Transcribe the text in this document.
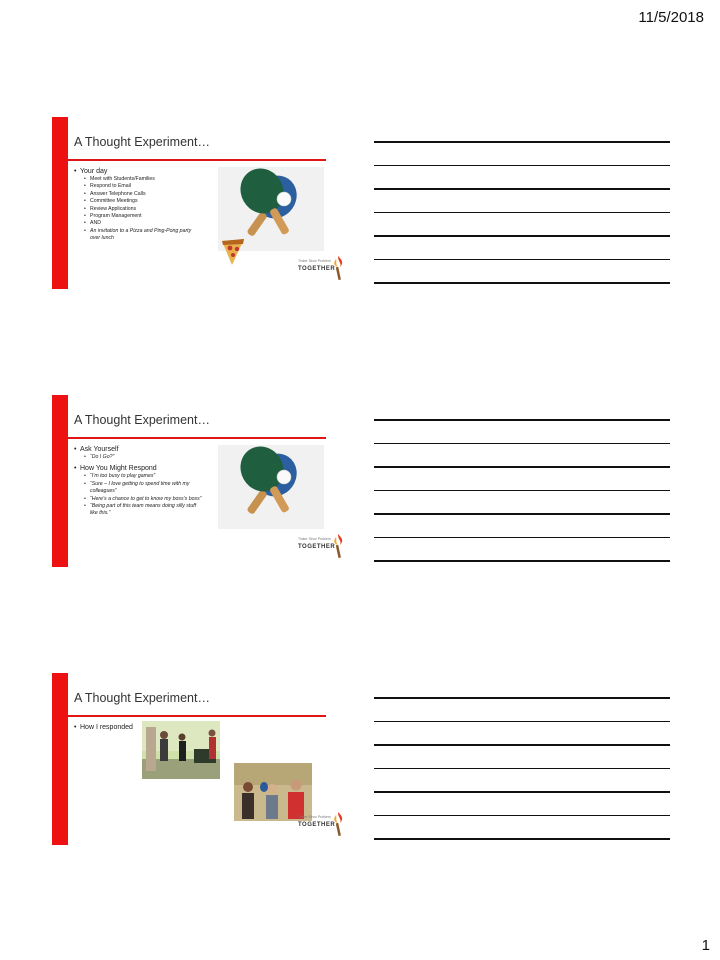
11/5/2018
A Thought Experiment…
• Your day
• Meet with Students/Families
• Respond to Email
• Answer Telephone Calls
• Committee Meetings
• Review Applications
• Program Management
• AND
• An invitation to a Pizza and Ping-Pong party over lunch
Tinker Sinor Problem
TOGETHER
A Thought Experiment…
• Ask Yourself
• “Do I Go?”
• How You Might Respond
• “I’m too busy to play games”
• “Sure – I love getting to spend time with my colleagues”
• “Here’s a chance to get to know my boss’s boss”
• “Being part of this team means doing silly stuff like this.”
Tinker Sinor Problem
TOGETHER
A Thought Experiment…
• How I responded
Tinker Sinor Problem
TOGETHER
1
